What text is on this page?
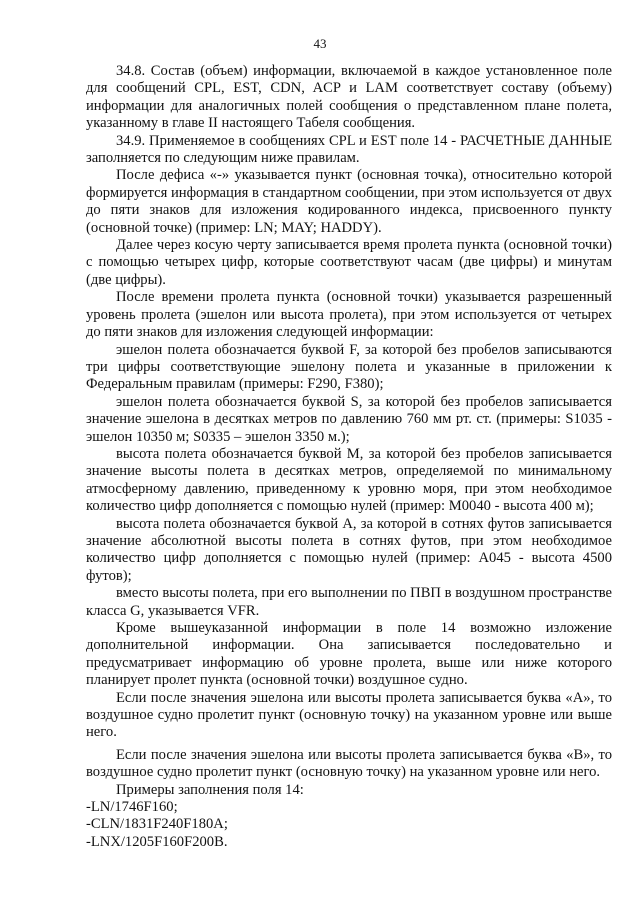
43

34.8. Состав (объем) информации, включаемой в каждое установленное поле для сообщений CPL, EST, CDN, ACP и LAM соответствует составу (объему) информации для аналогичных полей сообщения о представленном плане полета, указанному в главе II настоящего Табеля сообщения.

34.9. Применяемое в сообщениях CPL и EST поле 14 - РАСЧЕТНЫЕ ДАННЫЕ заполняется по следующим ниже правилам.

После дефиса «-» указывается пункт (основная точка), относительно которой формируется информация в стандартном сообщении, при этом используется от двух до пяти знаков для изложения кодированного индекса, присвоенного пункту (основной точке) (пример: LN; MAY; HADDY).

Далее через косую черту записывается время пролета пункта (основной точки) с помощью четырех цифр, которые соответствуют часам (две цифры) и минутам (две цифры).

После времени пролета пункта (основной точки) указывается разрешенный уровень пролета (эшелон или высота пролета), при этом используется от четырех до пяти знаков для изложения следующей информации:

эшелон полета обозначается буквой F, за которой без пробелов записываются три цифры соответствующие эшелону полета и указанные в приложении к Федеральным правилам (примеры: F290, F380);

эшелон полета обозначается буквой S, за которой без пробелов записывается значение эшелона в десятках метров по давлению 760 мм рт. ст. (примеры: S1035 - эшелон 10350 м; S0335 – эшелон 3350 м.);

высота полета обозначается буквой M, за которой без пробелов записывается значение высоты полета в десятках метров, определяемой по минимальному атмосферному давлению, приведенному к уровню моря, при этом необходимое количество цифр дополняется с помощью нулей (пример: M0040 - высота 400 м);

высота полета обозначается буквой A, за которой в сотнях футов записывается значение абсолютной высоты полета в сотнях футов, при этом необходимое количество цифр дополняется с помощью нулей (пример: A045 - высота 4500 футов);

вместо высоты полета, при его выполнении по ПВП в воздушном пространстве класса G, указывается VFR.

Кроме вышеуказанной информации в поле 14 возможно изложение дополнительной информации. Она записывается последовательно и предусматривает информацию об уровне пролета, выше или ниже которого планирует пролет пункта (основной точки) воздушное судно.

Если после значения эшелона или высоты пролета записывается буква «A», то воздушное судно пролетит пункт (основную точку) на указанном уровне или выше него.

Если после значения эшелона или высоты пролета записывается буква «B», то воздушное судно пролетит пункт (основную точку) на указанном уровне или него.

Примеры заполнения поля 14:

-LN/1746F160;

-CLN/1831F240F180A;

-LNX/1205F160F200B.
